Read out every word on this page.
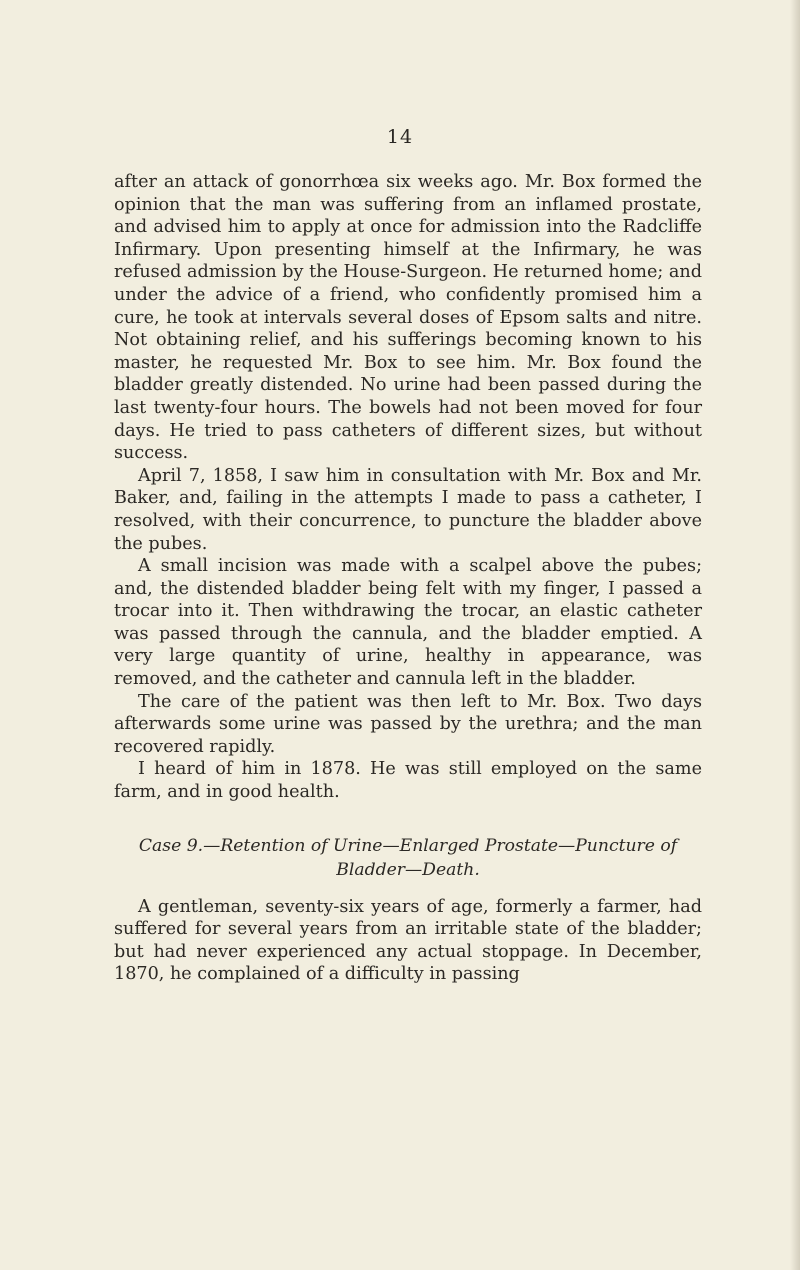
14

after an attack of gonorrhœa six weeks ago. Mr. Box formed the opinion that the man was suffering from an inflamed prostate, and advised him to apply at once for admission into the Radcliffe Infirmary. Upon presenting himself at the Infirmary, he was refused admission by the House-Surgeon. He returned home; and under the advice of a friend, who confidently promised him a cure, he took at intervals several doses of Epsom salts and nitre. Not obtaining relief, and his sufferings becoming known to his master, he requested Mr. Box to see him. Mr. Box found the bladder greatly distended. No urine had been passed during the last twenty-four hours. The bowels had not been moved for four days. He tried to pass catheters of different sizes, but without success.

April 7, 1858, I saw him in consultation with Mr. Box and Mr. Baker, and, failing in the attempts I made to pass a catheter, I resolved, with their concurrence, to puncture the bladder above the pubes.

A small incision was made with a scalpel above the pubes; and, the distended bladder being felt with my finger, I passed a trocar into it. Then withdrawing the trocar, an elastic catheter was passed through the cannula, and the bladder emptied. A very large quantity of urine, healthy in appearance, was removed, and the catheter and cannula left in the bladder.

The care of the patient was then left to Mr. Box. Two days afterwards some urine was passed by the urethra; and the man recovered rapidly.

I heard of him in 1878. He was still employed on the same farm, and in good health.

Case 9.—Retention of Urine—Enlarged Prostate—Puncture of Bladder—Death.

A gentleman, seventy-six years of age, formerly a farmer, had suffered for several years from an irritable state of the bladder; but had never experienced any actual stoppage. In December, 1870, he complained of a difficulty in passing
